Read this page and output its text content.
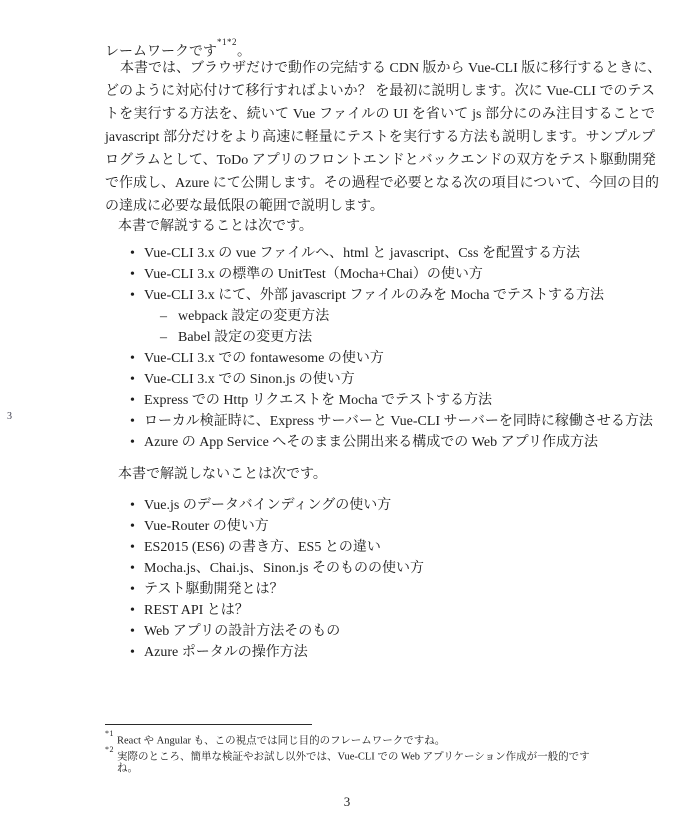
3
レームワークです$^{*1*2}$。
本書では、ブラウザだけで動作の完結する CDN 版から Vue-CLI 版に移行するときに、
どのように対応付けて移行すればよいか？ を最初に説明します。次に Vue-CLI でのテス
トを実行する方法を、続いて Vue ファイルの UI を省いて js 部分にのみ注目することで
javascript 部分だけをより高速に軽量にテストを実行する方法も説明します。サンプルプ
ログラムとして、ToDo アプリのフロントエンドとバックエンドの双方をテスト駆動開発
で作成し、Azure にて公開します。その過程で必要となる次の項目について、今回の目的
の達成に必要な最低限の範囲で説明します。
本書で解説することは次です。
• Vue-CLI 3.x の vue ファイルへ、html と javascript、Css を配置する方法
• Vue-CLI 3.x の標準の UnitTest（Mocha+Chai）の使い方
• Vue-CLI 3.x にて、外部 javascript ファイルのみを Mocha でテストする方法
– webpack 設定の変更方法
– Babel 設定の変更方法
• Vue-CLI 3.x での fontawesome の使い方
• Vue-CLI 3.x での Sinon.js の使い方
• Express での Http リクエストを Mocha でテストする方法
• ローカル検証時に、Express サーバーと Vue-CLI サーバーを同時に稼働させる方法
• Azure の App Service へそのまま公開出来る構成での Web アプリ作成方法
本書で解説しないことは次です。
• Vue.js のデータバインディングの使い方
• Vue-Router の使い方
• ES2015 (ES6) の書き方、ES5 との違い
• Mocha.js、Chai.js、Sinon.js そのものの使い方
• テスト駆動開発とは？
• REST API とは？
• Web アプリの設計方法そのもの
• Azure ポータルの操作方法
$^{*1}$React や Angular も、この視点では同じ目的のフレームワークですね。
$^{*2}$実際のところ、簡単な検証やお試し以外では、Vue-CLI での Web アプリケーション作成が一般的です
ね。
3
